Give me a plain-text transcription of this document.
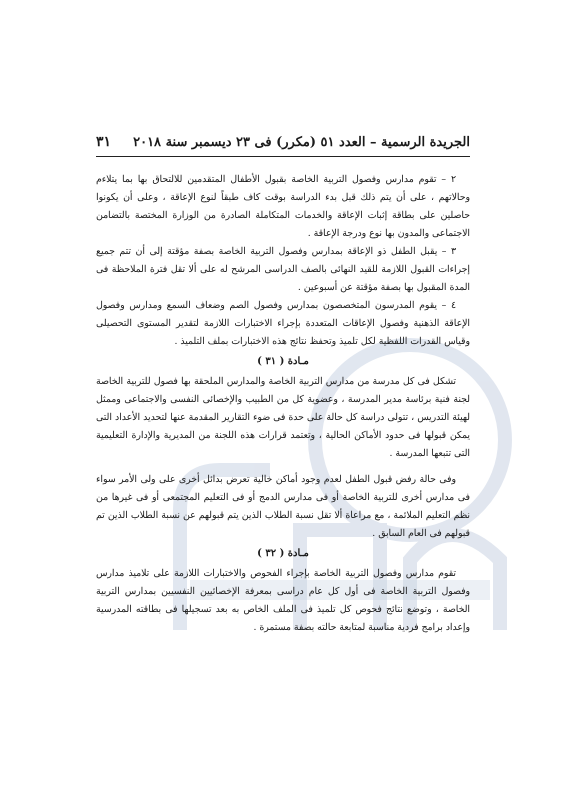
الجريدة الرسمية – العدد ٥١ (مكرر) فى ٢٣ ديسمبر سنة ٢٠١٨
٣١

٢ – تقوم مدارس وفصول التربية الخاصة بقبول الأطفال المتقدمين للالتحاق بها بما يتلاءم وحالاتهم ، على أن يتم ذلك قبل بدء الدراسة بوقت كاف طبقاً لنوع الإعاقة ، وعلى أن يكونوا حاصلين على بطاقة إثبات الإعاقة والخدمات المتكاملة الصادرة من الوزارة المختصة بالتضامن الاجتماعى والمدون بها نوع ودرجة الإعاقة .

٣ – يقبل الطفل ذو الإعاقة بمدارس وفصول التربية الخاصة بصفة مؤقتة إلى أن تتم جميع إجراءات القبول اللازمة للقيد النهائى بالصف الدراسى المرشح له على ألا تقل فترة الملاحظة فى المدة المقبول بها بصفة مؤقتة عن أسبوعين .

٤ – يقوم المدرسون المتخصصون بمدارس وفصول الصم وضعاف السمع ومدارس وفصول الإعاقة الذهنية وفصول الإعاقات المتعددة بإجراء الاختبارات اللازمة لتقدير المستوى التحصيلى وقياس القدرات اللفظية لكل تلميذ وتحفظ نتائج هذه الاختبارات بملف التلميذ .

مـادة ( ٣١ )

تشكل فى كل مدرسة من مدارس التربية الخاصة والمدارس الملحقة بها فصول للتربية الخاصة لجنة فنية برئاسة مدير المدرسة ، وعضوية كل من الطبيب والإخصائى النفسى والاجتماعى وممثل لهيئة التدريس ، تتولى دراسة كل حالة على حدة فى ضوء التقارير المقدمة عنها لتحديد الأعداد التى يمكن قبولها فى حدود الأماكن الحالية ، وتعتمد قرارات هذه اللجنة من المديرية والإدارة التعليمية التى تتبعها المدرسة .

وفى حالة رفض قبول الطفل لعدم وجود أماكن خالية تعرض بدائل أخرى على ولى الأمر سواء فى مدارس أخرى للتربية الخاصة أو فى مدارس الدمج أو فى التعليم المجتمعى أو فى غيرها من نظم التعليم الملائمة ، مع مراعاة ألا تقل نسبة الطلاب الذين يتم قبولهم عن نسبة الطلاب الذين تم قبولهم فى العام السابق .

مـادة ( ٣٢ )

تقوم مدارس وفصول التربية الخاصة بإجراء الفحوص والاختبارات اللازمة على تلاميذ مدارس وفصول التربية الخاصة فى أول كل عام دراسى بمعرفة الإخصائيين النفسيين بمدارس التربية الخاصة ، وتوضع نتائج فحوص كل تلميذ فى الملف الخاص به بعد تسجيلها فى بطاقته المدرسية وإعداد برامج فردية مناسبة لمتابعة حالته بصفة مستمرة .
